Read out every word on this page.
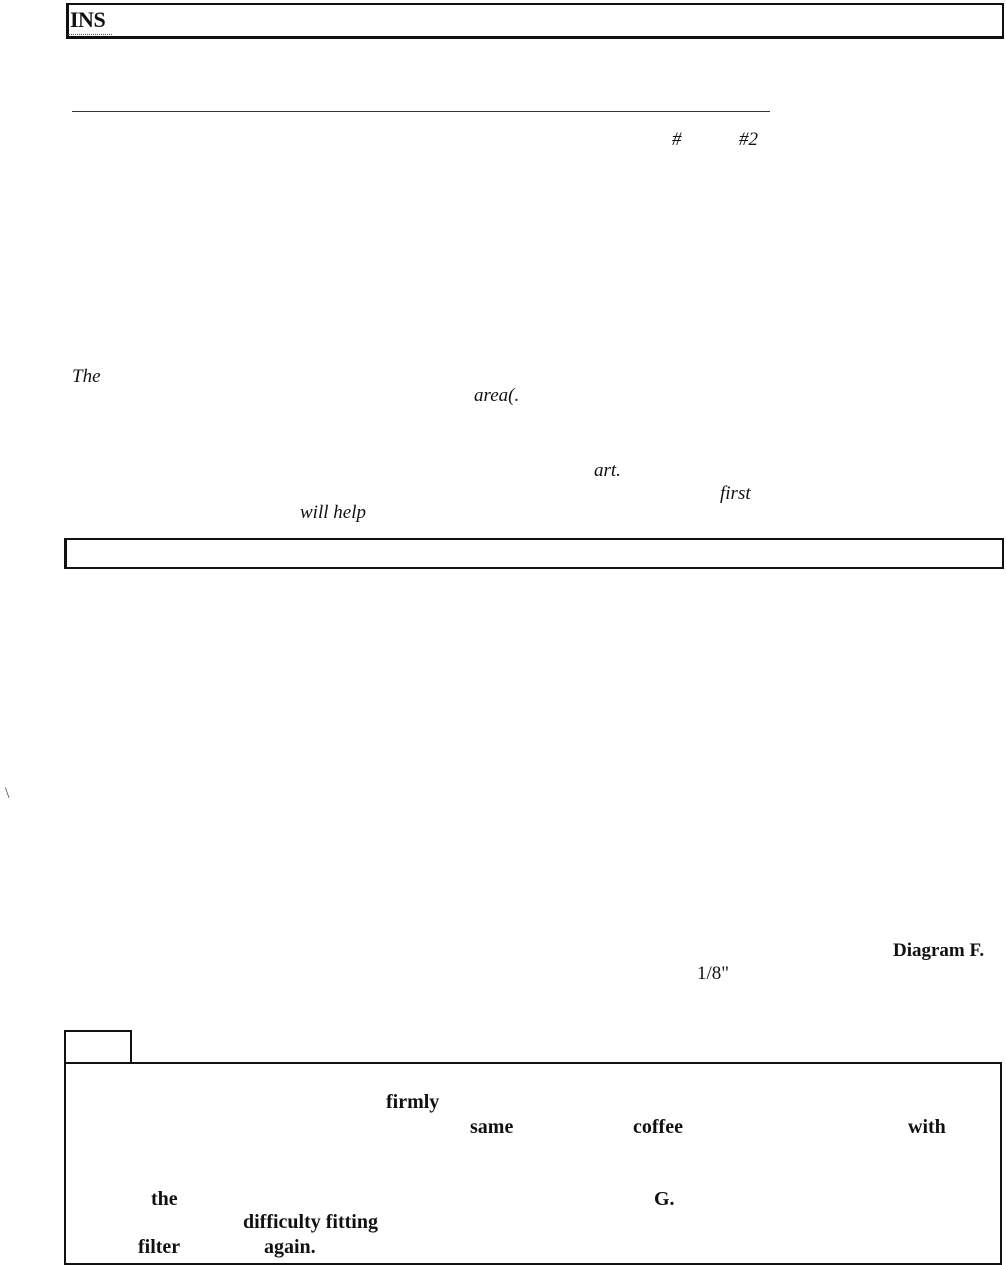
INS
#	#2
The
area(.
art.
first
will help
\
Diagram F.
1/8"
firmly
same	coffee	with
the	G.
difficulty fitting
filter	again.
